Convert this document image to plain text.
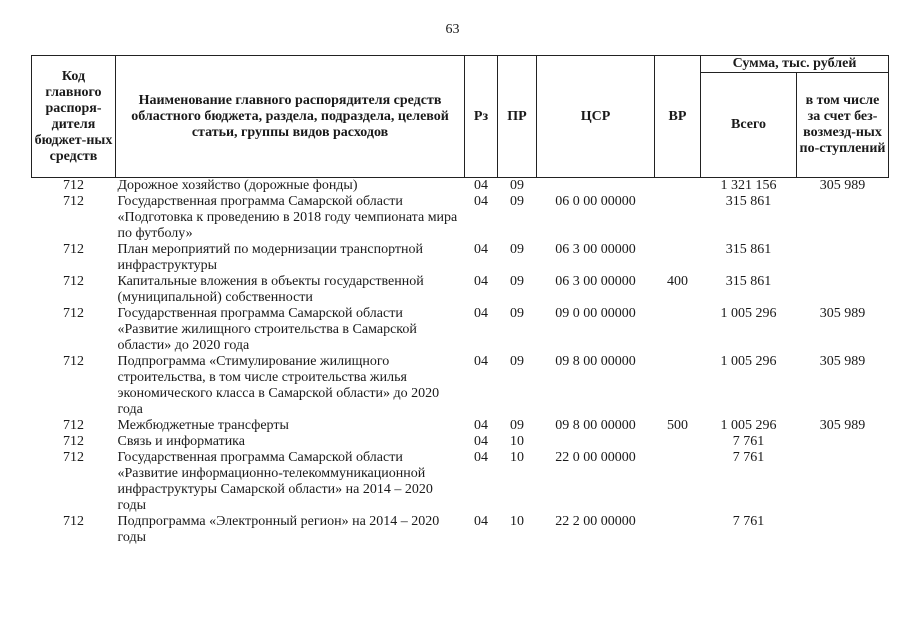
63
Код главного распоря-дителя бюджет-ных средств	Наименование главного распорядителя средств областного бюджета, раздела, подраздела, целевой статьи, группы видов расходов	Рз	ПР	ЦСР	ВР	Сумма, тыс. рублей	
						Всего	в том числе за счет без-возмезд-ных по-ступлений
712	Дорожное хозяйство (дорожные фонды)	04	09			1 321 156	305 989
712	Государственная программа Самарской области «Подготовка к проведению в 2018 году чемпионата мира по футболу»	04	09	06 0 00 00000		315 861	
712	План мероприятий по модернизации транспортной инфраструктуры	04	09	06 3 00 00000		315 861	
712	Капитальные вложения в объекты государственной (муниципальной) собственности	04	09	06 3 00 00000	400	315 861	
712	Государственная программа Самарской области «Развитие жилищного строительства в Самарской области» до 2020 года	04	09	09 0 00 00000		1 005 296	305 989
712	Подпрограмма «Стимулирование жилищного строительства, в том числе строительства жилья экономического класса в Самарской области» до 2020 года	04	09	09 8 00 00000		1 005 296	305 989
712	Межбюджетные трансферты	04	09	09 8 00 00000	500	1 005 296	305 989
712	Связь и информатика	04	10			7 761	
712	Государственная программа Самарской области «Развитие информационно-телекоммуникационной инфраструктуры Самарской области» на 2014 – 2020 годы	04	10	22 0 00 00000		7 761	
712	Подпрограмма «Электронный регион» на 2014 – 2020 годы	04	10	22 2 00 00000		7 761	
